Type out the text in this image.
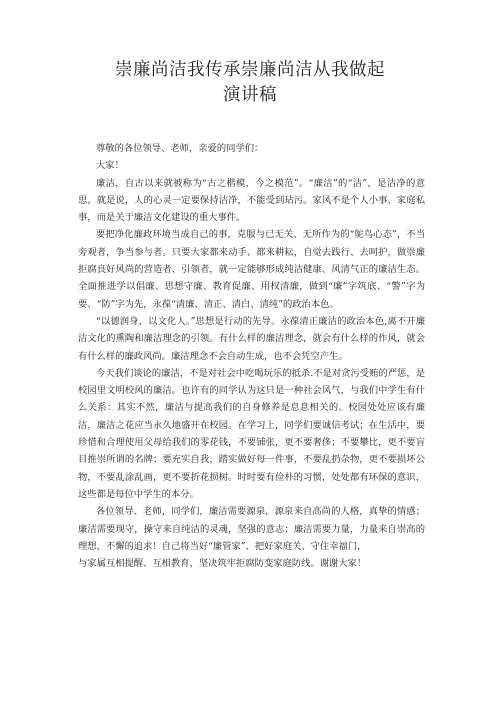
崇廉尚洁我传承崇廉尚洁从我做起
演讲稿

尊敬的各位领导、老师，亲爱的同学们：

大家！

廉洁，自古以来就被称为“古之楷模，今之模范”。“廉洁”的“洁”，是洁净的意思，就是说，人的心灵一定要保持洁净，不能受到玷污。家风不是个人小事、家庭私事，而是关于廉洁文化建设的重大事件。

要把净化廉政环境当成自己的事，克服与已无关、无所作为的“鸵鸟心态”，不当旁观者，争当参与者。只要大家都来动手、都来耕耘，自觉去践行、去呵护，做崇廉拒腐良好风尚的营造者、引领者，就一定能够形成纯洁健康、风清气正的廉洁生态。全面推进学以倡廉、思想守廉、教育促廉、用权清廉，做到“廉”字筑底、“警”字为要、“防”字为先，永葆“清廉、清正、清白、清纯”的政治本色。

“以德润身，以文化人。”思想是行动的先导。永葆清正廉洁的政治本色,离不开廉洁文化的熏陶和廉洁理念的引领。有什么样的廉洁理念，就会有什么样的作风，就会有什么样的廉政风尚。廉洁理念不会自动生成，也不会凭空产生。

今天我们谈论的廉洁，不是对社会中吃喝玩乐的抵杀.不是对贪污受贿的严惩，是校园里文明校风的廉洁。也许有的同学认为这只是一种社会风气，与我们中学生有什么关系：其实不然，廉洁与提高我们的自身修养是息息相关的。校园处处应该有廉洁，廉洁之花应当永久地盛开在校园。在学习上，同学们要诚信考试；在生活中，要珍惜和合理使用父母给我们的零花钱，不要铺张，更不要奢侈；不要攀比，更不要盲目推崇所谓的名牌；要充实自我，踏实做好每一件事，不要乱扔杂物，更不要损坏公物，不要乱涂乱画，更不要折花损树。时时要有俭朴的习惯，处处都有环保的意识，这些都是每位中学生的本分。

各位领导、老师，同学们，廉洁需要源泉，源泉来自高尚的人格，真挚的情感；廉洁需要现守，操守来自纯洁的灵魂，坚强的意志；廉洁需要力量，力量来自崇高的理想，不懈的追求！自己将当好“廉管家”、把好家庭关、守住幸福门，

与家属互相提醒、互相教育，坚决筑牢拒腐防变家庭防线。谢谢大家！
